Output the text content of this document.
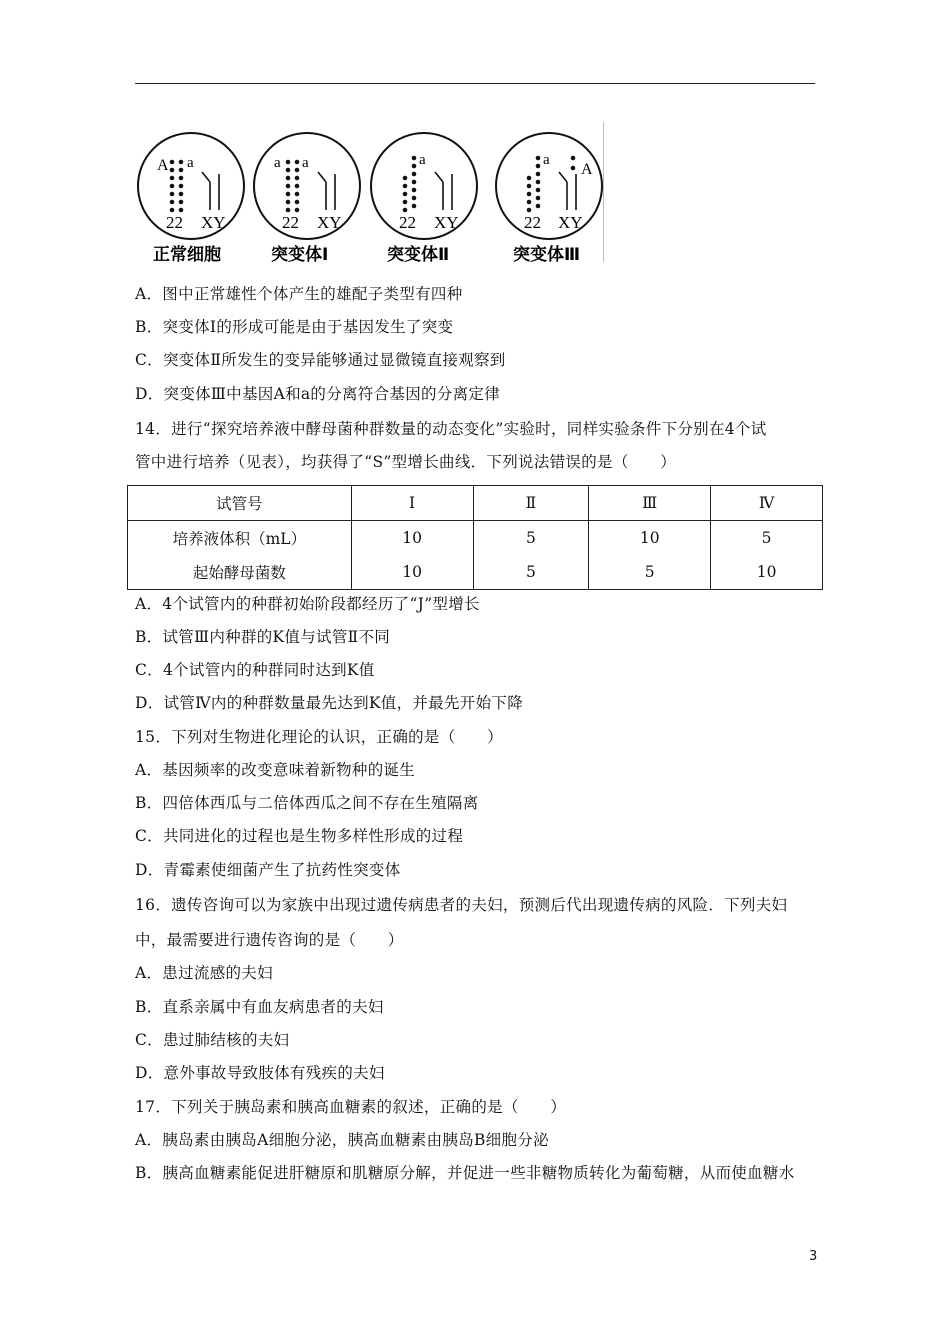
A a
22 XY
a a
22 XY
a
22 XY
a
A
22 XY
正常细胞	突变体Ⅰ	突变体Ⅱ	突变体Ⅲ
A．图中正常雄性个体产生的雄配子类型有四种
B．突变体Ⅰ的形成可能是由于基因发生了突变
C．突变体Ⅱ所发生的变异能够通过显微镜直接观察到
D．突变体Ⅲ中基因A和a的分离符合基因的分离定律
14．进行“探究培养液中酵母菌种群数量的动态变化”实验时，同样实验条件下分别在4个试
管中进行培养（见表），均获得了“S”型增长曲线．下列说法错误的是（　　）
试管号	Ⅰ	Ⅱ	Ⅲ	Ⅳ
培养液体积（mL）	10	5	10	5
起始酵母菌数	10	5	5	10
A．4个试管内的种群初始阶段都经历了“J”型增长
B．试管Ⅲ内种群的K值与试管Ⅱ不同
C．4个试管内的种群同时达到K值
D．试管Ⅳ内的种群数量最先达到K值，并最先开始下降
15．下列对生物进化理论的认识，正确的是（　　）
A．基因频率的改变意味着新物种的诞生
B．四倍体西瓜与二倍体西瓜之间不存在生殖隔离
C．共同进化的过程也是生物多样性形成的过程
D．青霉素使细菌产生了抗药性突变体
16．遗传咨询可以为家族中出现过遗传病患者的夫妇，预测后代出现遗传病的风险．下列夫妇
中，最需要进行遗传咨询的是（　　）
A．患过流感的夫妇
B．直系亲属中有血友病患者的夫妇
C．患过肺结核的夫妇
D．意外事故导致肢体有残疾的夫妇
17．下列关于胰岛素和胰高血糖素的叙述，正确的是（　　）
A．胰岛素由胰岛A细胞分泌，胰高血糖素由胰岛B细胞分泌
B．胰高血糖素能促进肝糖原和肌糖原分解，并促进一些非糖物质转化为葡萄糖，从而使血糖水
3
